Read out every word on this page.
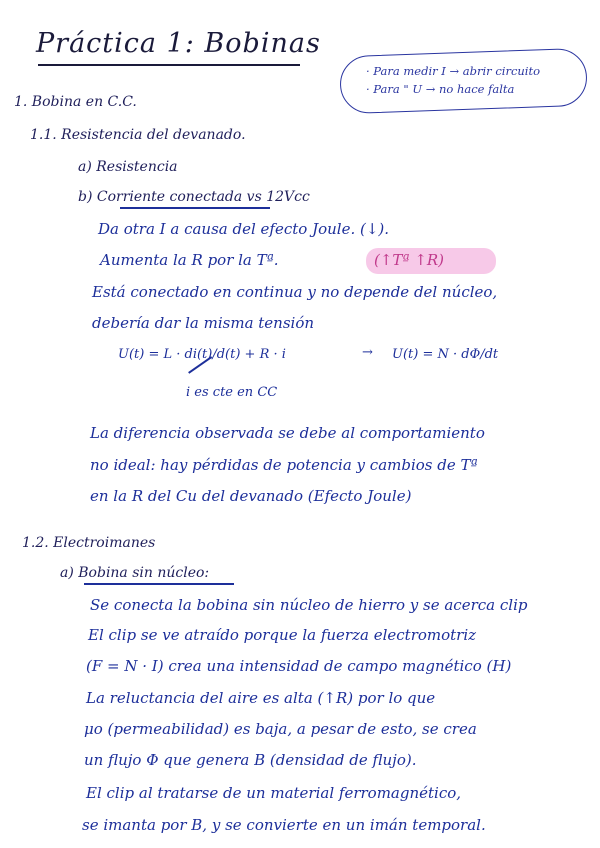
Práctica 1: Bobinas
· Para medir I → abrir circuito
· Para " U → no hace falta
1. Bobina en C.C.
1.1. Resistencia del devanado.
a) Resistencia
b) Corriente conectada vs 12Vcc
Da otra I a causa del efecto Joule. (↓).
Aumenta la R por la Tª.	(↑Tª ↑R)
Está conectado en continua y no depende del núcleo,
debería dar la misma tensión
U(t) = L · di(t)/d(t) + R · i	→ U(t) = N · dΦ/dt
i es cte en CC
La diferencia observada se debe al comportamiento
no ideal: hay pérdidas de potencia y cambios de Tª
en la R del Cu del devanado (Efecto Joule)
1.2. Electroimanes
a) Bobina sin núcleo:
Se conecta la bobina sin núcleo de hierro y se acerca clip
El clip se ve atraído porque la fuerza electromotriz
(F = N · I) crea una intensidad de campo magnético (H)
La reluctancia del aire es alta (↑R) por lo que
μo (permeabilidad) es baja, a pesar de esto, se crea
un flujo Φ que genera B (densidad de flujo).
El clip al tratarse de un material ferromagnético,
se imanta por B, y se convierte en un imán temporal.
